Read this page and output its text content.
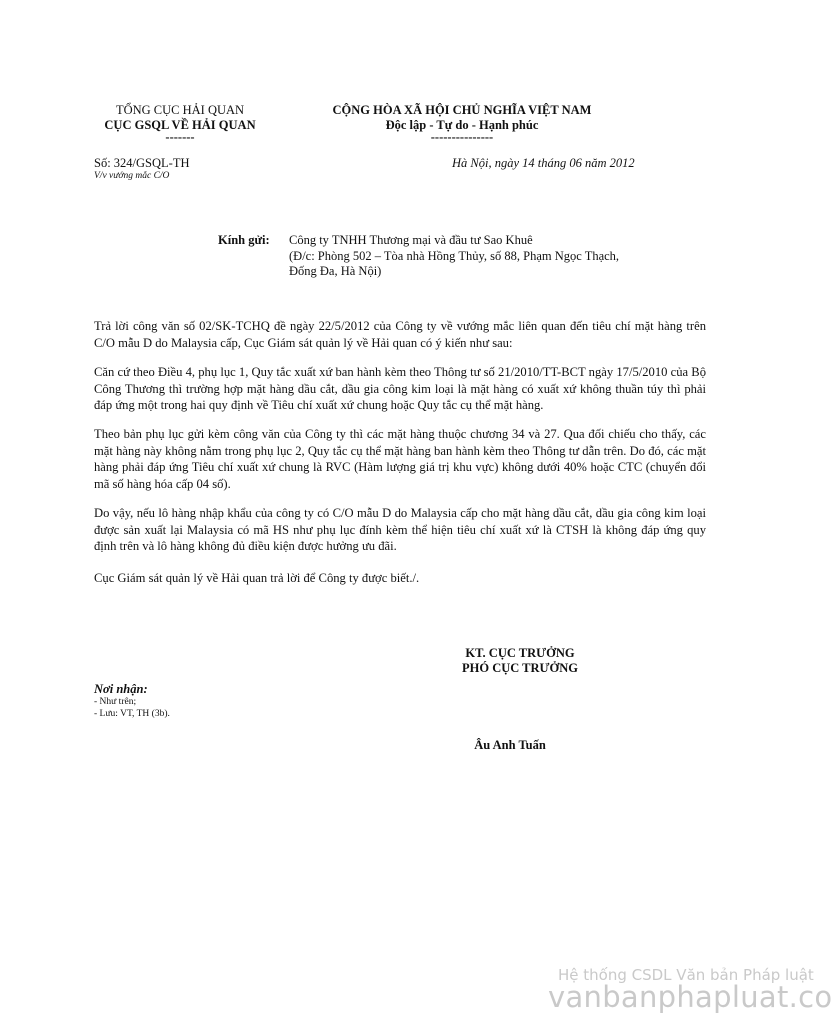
TỔNG CỤC HẢI QUAN
CỤC GSQL VỀ HẢI QUAN
-------
CỘNG HÒA XÃ HỘI CHỦ NGHĨA VIỆT NAM
Độc lập - Tự do - Hạnh phúc
---------------
Số: 324/GSQL-TH
V/v vướng mắc C/O
Hà Nội, ngày 14 tháng 06 năm 2012
Kính gửi: Công ty TNHH Thương mại và đầu tư Sao Khuê
(Đ/c: Phòng 502 – Tòa nhà Hồng Thủy, số 88, Phạm Ngọc Thạch,
Đống Đa, Hà Nội)
Trả lời công văn số 02/SK-TCHQ đề ngày 22/5/2012 của Công ty về vướng mắc liên quan đến tiêu chí mặt hàng trên C/O mẫu D do Malaysia cấp, Cục Giám sát quản lý về Hải quan có ý kiến như sau:
Căn cứ theo Điều 4, phụ lục 1, Quy tắc xuất xứ ban hành kèm theo Thông tư số 21/2010/TT-BCT ngày 17/5/2010 của Bộ Công Thương thì trường hợp mặt hàng dầu cắt, dầu gia công kim loại là mặt hàng có xuất xứ không thuần túy thì phải đáp ứng một trong hai quy định về Tiêu chí xuất xứ chung hoặc Quy tắc cụ thể mặt hàng.
Theo bản phụ lục gửi kèm công văn của Công ty thì các mặt hàng thuộc chương 34 và 27. Qua đối chiếu cho thấy, các mặt hàng này không nằm trong phụ lục 2, Quy tắc cụ thể mặt hàng ban hành kèm theo Thông tư dẫn trên. Do đó, các mặt hàng phải đáp ứng Tiêu chí xuất xứ chung là RVC (Hàm lượng giá trị khu vực) không dưới 40% hoặc CTC (chuyển đổi mã số hàng hóa cấp 04 số).
Do vậy, nếu lô hàng nhập khẩu của công ty có C/O mẫu D do Malaysia cấp cho mặt hàng dầu cắt, dầu gia công kim loại được sản xuất lại Malaysia có mã HS như phụ lục đính kèm thể hiện tiêu chí xuất xứ là CTSH là không đáp ứng quy định trên và lô hàng không đủ điều kiện được hưởng ưu đãi.
Cục Giám sát quản lý về Hải quan trả lời để Công ty được biết./.
KT. CỤC TRƯỞNG
PHÓ CỤC TRƯỞNG
Âu Anh Tuấn
Nơi nhận:
- Như trên;
- Lưu: VT, TH (3b).
Hệ thống CSDL Văn bản Pháp luật
vanbanphapluat.co
